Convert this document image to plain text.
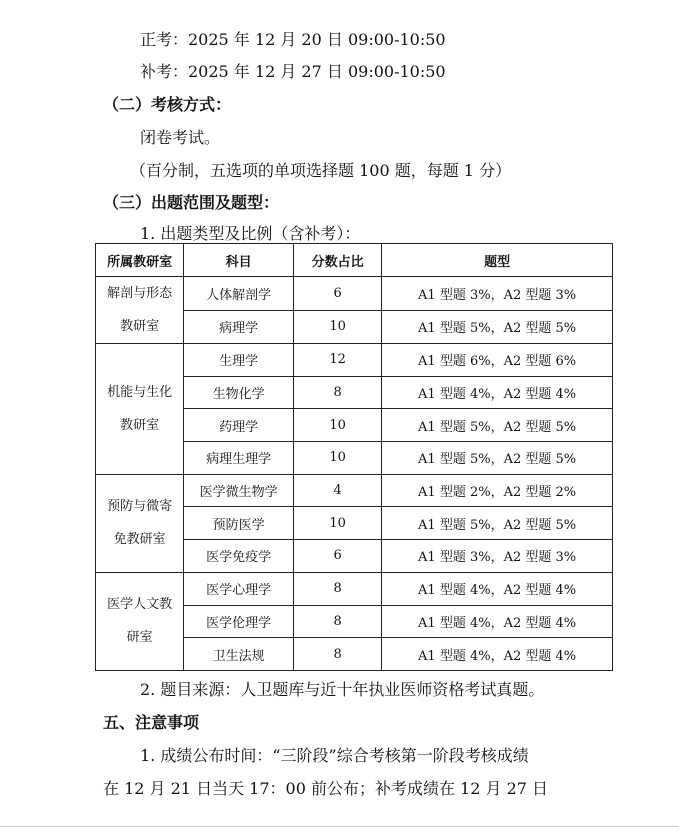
正考：2025 年 12 月 20 日 09:00-10:50
补考：2025 年 12 月 27 日 09:00-10:50
（二）考核方式：
闭卷考试。
（百分制，五选项的单项选择题 100 题，每题 1 分）
（三）出题范围及题型：
1. 出题类型及比例（含补考）：
所属教研室	科目	分数占比	题型

解剖与形态
教研室	人体解剖学	6	A1 型题 3%，A2 型题 3%
	病理学	10	A1 型题 5%，A2 型题 5%

机能与生化
教研室	生理学	12	A1 型题 6%，A2 型题 6%
	生物化学	8	A1 型题 4%，A2 型题 4%
	药理学	10	A1 型题 5%，A2 型题 5%
	病理生理学	10	A1 型题 5%，A2 型题 5%

预防与微寄
免教研室	医学微生物学	4	A1 型题 2%，A2 型题 2%
	预防医学	10	A1 型题 5%，A2 型题 5%
	医学免疫学	6	A1 型题 3%，A2 型题 3%

医学人文教
研室	医学心理学	8	A1 型题 4%，A2 型题 4%
	医学伦理学	8	A1 型题 4%，A2 型题 4%
	卫生法规	8	A1 型题 4%，A2 型题 4%
2. 题目来源：人卫题库与近十年执业医师资格考试真题。
五、注意事项
1. 成绩公布时间：“三阶段”综合考核第一阶段考核成绩
在 12 月 21 日当天 17：00 前公布；补考成绩在 12 月 27 日
